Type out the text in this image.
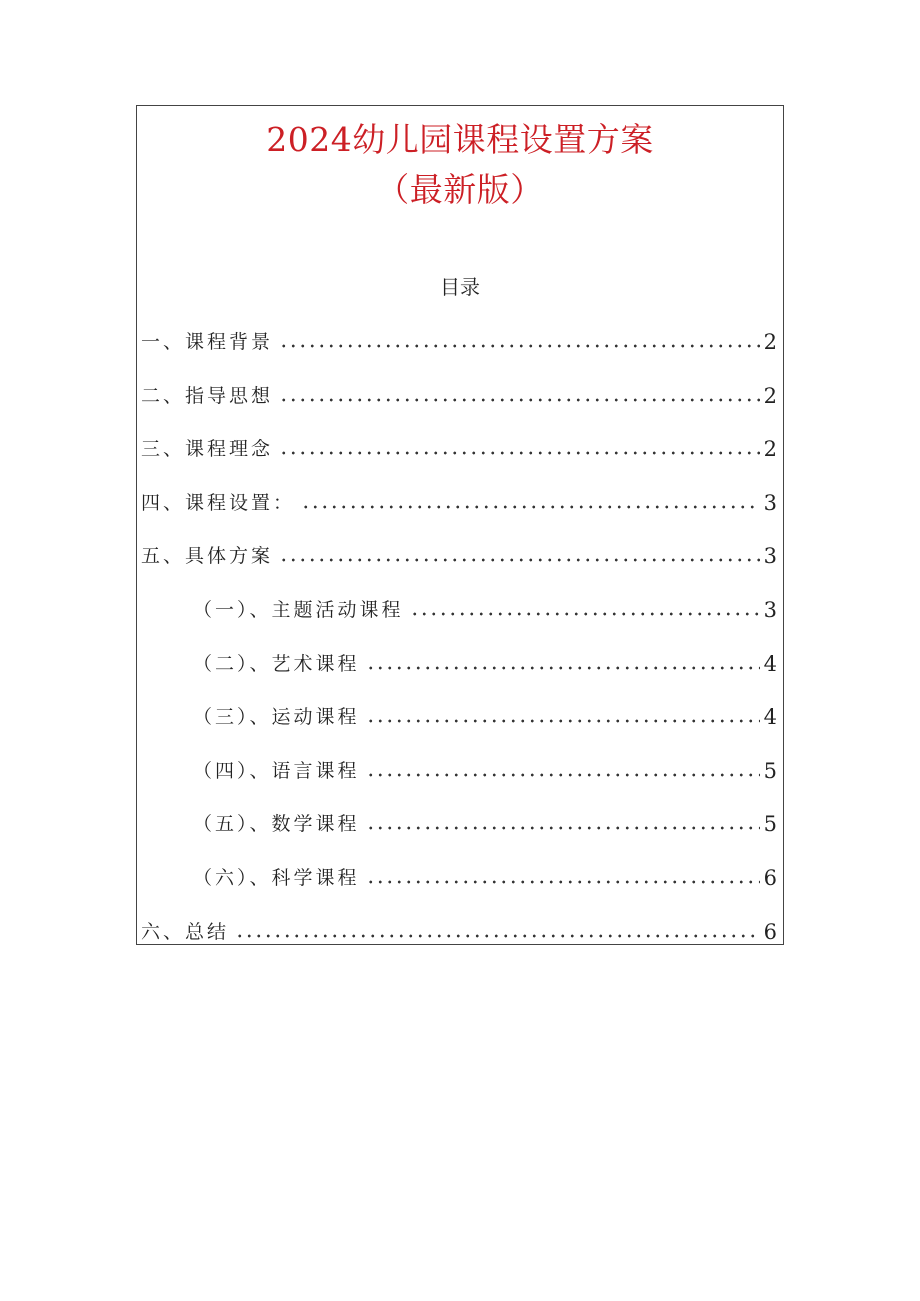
2024幼儿园课程设置方案
（最新版）
目录
一、课程背景	2
二、指导思想	2
三、课程理念	2
四、课程设置：	3
五、具体方案	3
（一）、主题活动课程	3
（二）、艺术课程	4
（三）、运动课程	4
（四）、语言课程	5
（五）、数学课程	5
（六）、科学课程	6
六、总结	6
